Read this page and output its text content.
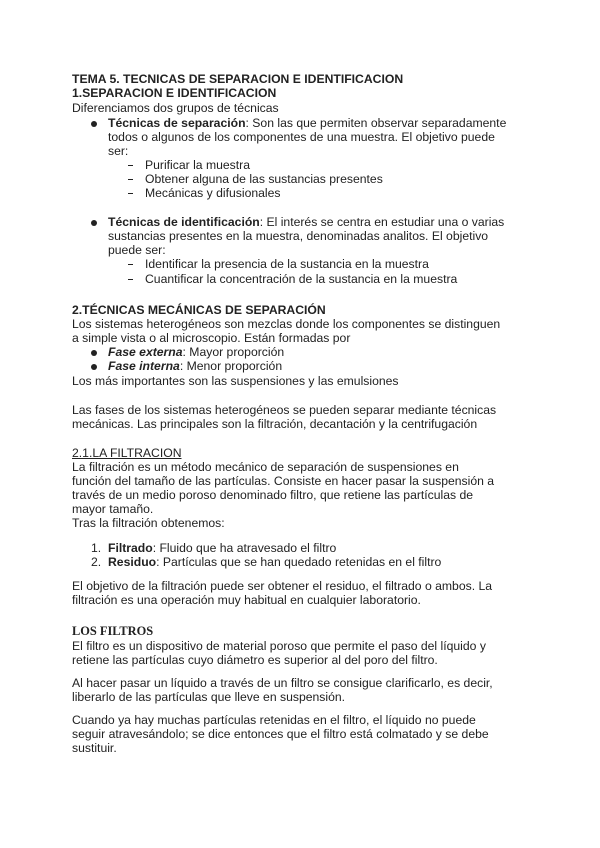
TEMA 5. TECNICAS DE SEPARACION E IDENTIFICACION
1.SEPARACION E IDENTIFICACION
Diferenciamos dos grupos de técnicas
Técnicas de separación: Son las que permiten observar separadamente
todos o algunos de los componentes de una muestra. El objetivo puede
ser:
Purificar la muestra
Obtener alguna de las sustancias presentes
Mecánicas y difusionales
Técnicas de identificación: El interés se centra en estudiar una o varias
sustancias presentes en la muestra, denominadas analitos. El objetivo
puede ser:
Identificar la presencia de la sustancia en la muestra
Cuantificar la concentración de la sustancia en la muestra
2.TÉCNICAS MECÁNICAS DE SEPARACIÓN
Los sistemas heterogéneos son mezclas donde los componentes se distinguen
a simple vista o al microscopio. Están formadas por
Fase externa: Mayor proporción
Fase interna: Menor proporción
Los más importantes son las suspensiones y las emulsiones
Las fases de los sistemas heterogéneos se pueden separar mediante técnicas
mecánicas. Las principales son la filtración, decantación y la centrifugación
2.1.LA FILTRACION
La filtración es un método mecánico de separación de suspensiones en
función del tamaño de las partículas. Consiste en hacer pasar la suspensión a
través de un medio poroso denominado filtro, que retiene las partículas de
mayor tamaño.
Tras la filtración obtenemos:
1. Filtrado: Fluido que ha atravesado el filtro
2. Residuo: Partículas que se han quedado retenidas en el filtro
El objetivo de la filtración puede ser obtener el residuo, el filtrado o ambos. La
filtración es una operación muy habitual en cualquier laboratorio.
LOS FILTROS
El filtro es un dispositivo de material poroso que permite el paso del líquido y
retiene las partículas cuyo diámetro es superior al del poro del filtro.
Al hacer pasar un líquido a través de un filtro se consigue clarificarlo, es decir,
liberarlo de las partículas que lleve en suspensión.
Cuando ya hay muchas partículas retenidas en el filtro, el líquido no puede
seguir atravesándolo; se dice entonces que el filtro está colmatado y se debe
sustituir.
